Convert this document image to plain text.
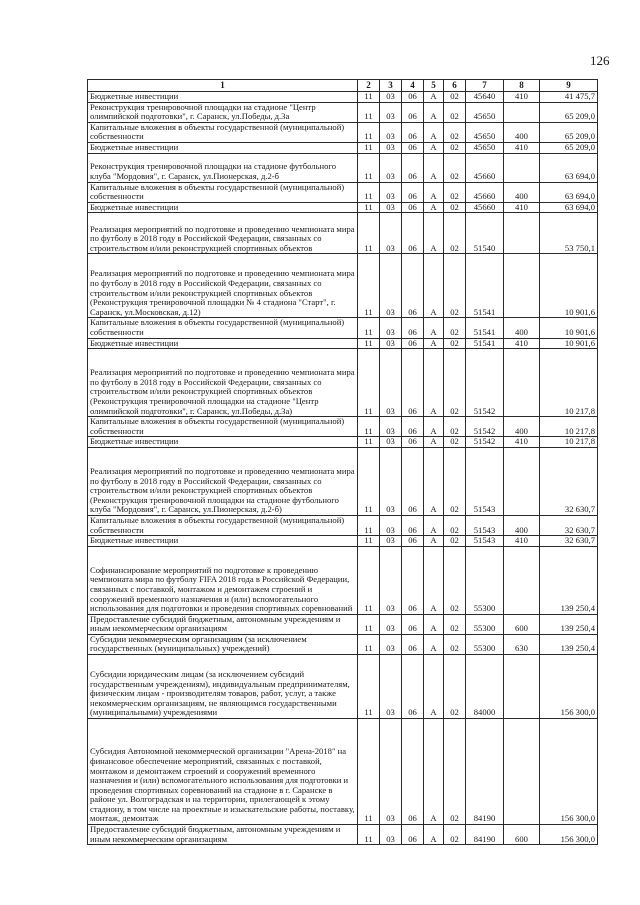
126
1	2	3	4	5	6	7	8	9
Бюджетные инвестиции	11	03	06	А	02	45640	410	41 475,7
Реконструкция тренировочной площадки на стадионе "Центр олимпийской подготовки", г. Саранск, ул.Победы, д.3а	11	03	06	А	02	45650		65 209,0
Капитальные вложения в объекты государственной (муниципальной) собственности	11	03	06	А	02	45650	400	65 209,0
Бюджетные инвестиции	11	03	06	А	02	45650	410	65 209,0
Реконструкция тренировочной площадки на стадионе футбольного клуба "Мордовия", г. Саранск, ул.Пионерская, д.2-б	11	03	06	А	02	45660		63 694,0
Капитальные вложения в объекты государственной (муниципальной) собственности	11	03	06	А	02	45660	400	63 694,0
Бюджетные инвестиции	11	03	06	А	02	45660	410	63 694,0
Реализация мероприятий по подготовке и проведению чемпионата мира по футболу в 2018 году в Российской Федерации, связанных со строительством и/или реконструкцией спортивных объектов	11	03	06	А	02	51540		53 750,1
Реализация мероприятий по подготовке и проведению чемпионата мира по футболу в 2018 году в Российской Федерации, связанных со строительством и/или реконструкцией спортивных объектов (Реконструкция тренировочной площадки № 4 стадиона "Старт", г. Саранск, ул.Московская, д.12)	11	03	06	А	02	51541		10 901,6
Капитальные вложения в объекты государственной (муниципальной) собственности	11	03	06	А	02	51541	400	10 901,6
Бюджетные инвестиции	11	03	06	А	02	51541	410	10 901,6
Реализация мероприятий по подготовке и проведению чемпионата мира по футболу в 2018 году в Российской Федерации, связанных со строительством и/или реконструкцией спортивных объектов (Реконструкция тренировочной площадки на стадионе "Центр олимпийской подготовки", г. Саранск, ул.Победы, д.3а)	11	03	06	А	02	51542		10 217,8
Капитальные вложения в объекты государственной (муниципальной) собственности	11	03	06	А	02	51542	400	10 217,8
Бюджетные инвестиции	11	03	06	А	02	51542	410	10 217,8
Реализация мероприятий по подготовке и проведению чемпионата мира по футболу в 2018 году в Российской Федерации, связанных со строительством и/или реконструкцией спортивных объектов (Реконструкция тренировочной площадки на стадионе футбольного клуба "Мордовия", г. Саранск, ул.Пионерская, д.2-б)	11	03	06	А	02	51543		32 630,7
Капитальные вложения в объекты государственной (муниципальной) собственности	11	03	06	А	02	51543	400	32 630,7
Бюджетные инвестиции	11	03	06	А	02	51543	410	32 630,7
Софинансирование мероприятий по подготовке к проведению чемпионата мира по футболу FIFA 2018 года в Российской Федерации, связанных с поставкой, монтажом и демонтажем строений и сооружений временного назначения и (или) вспомогательного использования для подготовки и проведения спортивных соревнований	11	03	06	А	02	55300		139 250,4
Предоставление субсидий бюджетным, автономным учреждениям и иным некоммерческим организациям	11	03	06	А	02	55300	600	139 250,4
Субсидии некоммерческим организациям (за исключением государственных (муниципальных) учреждений)	11	03	06	А	02	55300	630	139 250,4
Субсидии юридическим лицам (за исключением субсидий государственным учреждениям), индивидуальным предпринимателям, физическим лицам - производителям товаров, работ, услуг, а также некоммерческим организациям, не являющимся государственными (муниципальными) учреждениями	11	03	06	А	02	84000		156 300,0
Субсидия Автономной некоммерческой организации "Арена-2018" на финансовое обеспечение мероприятий, связанных с поставкой, монтажом и демонтажем строений и сооружений временного назначения и (или) вспомогательного использования для подготовки и проведения спортивных соревнований на стадионе в г. Саранске в районе ул. Волгоградская и на территории, прилегающей к этому стадиону, в том числе на проектные и изыскательские работы, поставку, монтаж, демонтаж	11	03	06	А	02	84190		156 300,0
Предоставление субсидий бюджетным, автономным учреждениям и иным некоммерческим организациям	11	03	06	А	02	84190	600	156 300,0
